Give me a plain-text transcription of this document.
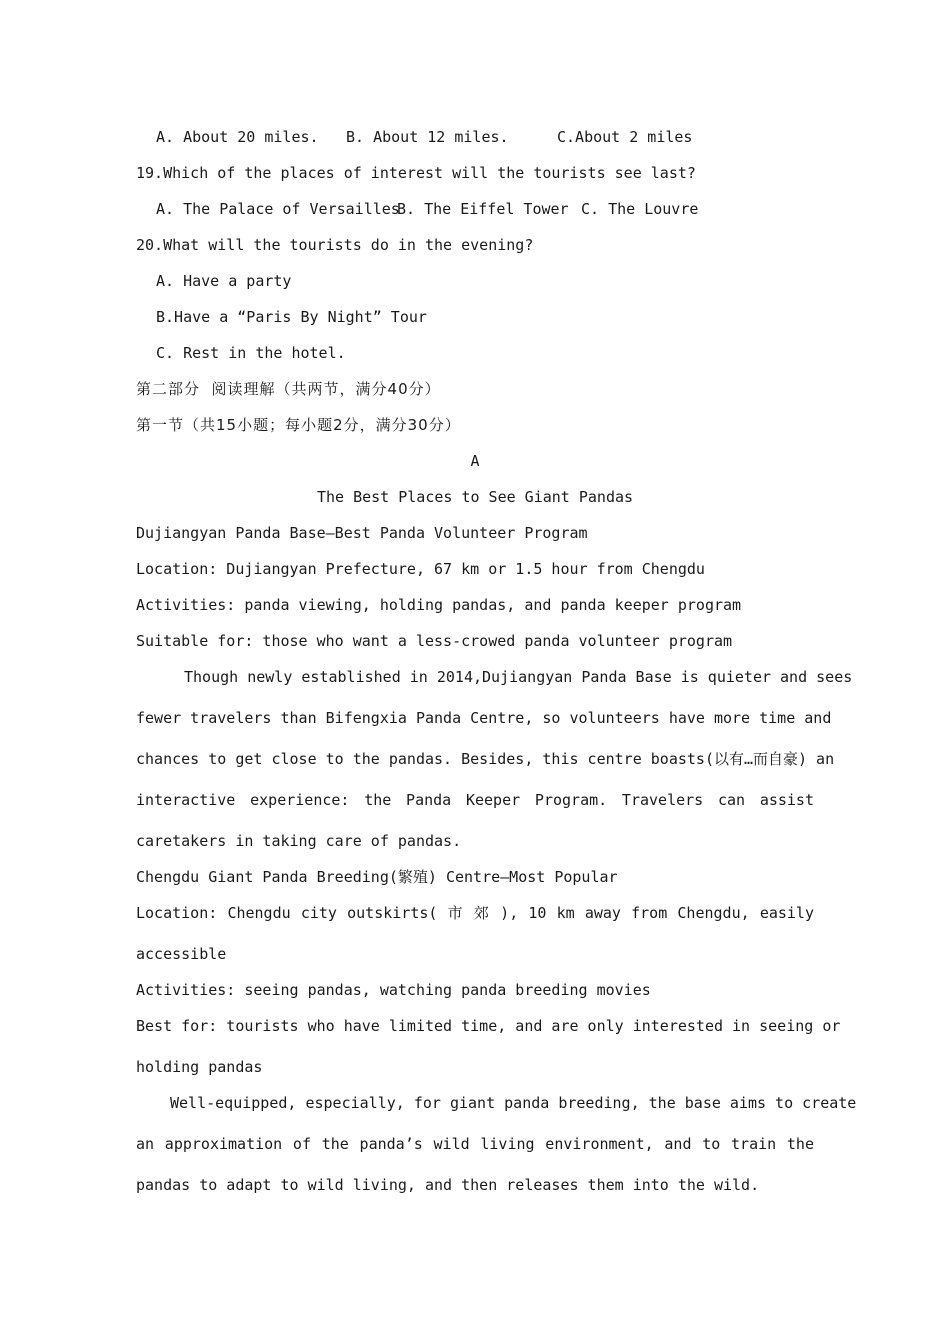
A. About 20 miles. B. About 12 miles.	C.About 2 miles
19.Which of the places of interest will the tourists see last?
A. The Palace of Versailles
B. The Eiffel Tower C. The Louvre
20.What will the tourists do in the evening?
A. Have a party
B.Have a “Paris By Night” Tour
C. Rest in the hotel.
第二部分  阅读理解（共两节，满分40分）
第一节（共15小题；每小题2分，满分30分）
A
The Best Places to See Giant Pandas
Dujiangyan Panda Base—Best Panda Volunteer Program
Location: Dujiangyan Prefecture, 67 km or 1.5 hour from Chengdu
Activities: panda viewing, holding pandas, and panda keeper program
Suitable for: those who want a less-crowed panda volunteer program
Though newly established in 2014,Dujiangyan Panda Base is quieter and sees
fewer travelers than Bifengxia Panda Centre, so volunteers have more time and
chances to get close to the pandas. Besides, this centre boasts(以有…而自豪) an
interactive experience: the Panda Keeper Program. Travelers can assist
caretakers in taking care of pandas.
Chengdu Giant Panda Breeding(繁殖) Centre—Most Popular
Location: Chengdu city outskirts( 市 郊 ), 10 km away from Chengdu, easily
accessible
Activities: seeing pandas, watching panda breeding movies
Best for: tourists who have limited time, and are only interested in seeing or
holding pandas
Well-equipped, especially, for giant panda breeding, the base aims to create
an approximation of the panda’s wild living environment, and to train the
pandas to adapt to wild living, and then releases them into the wild.
